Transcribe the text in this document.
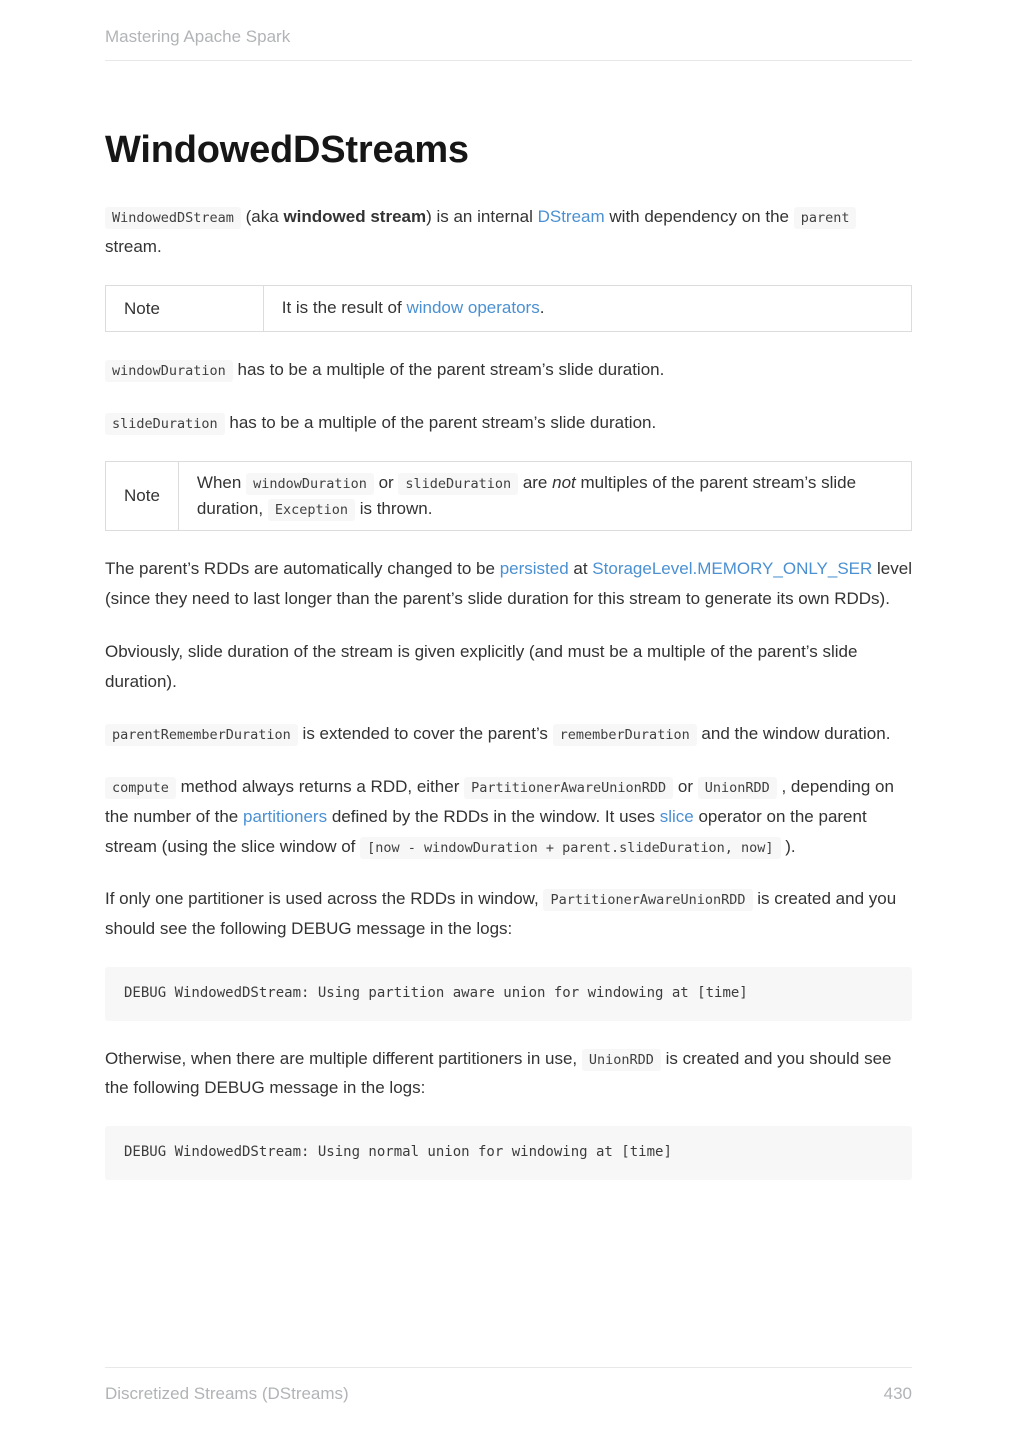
Mastering Apache Spark
WindowedDStreams

WindowedDStream (aka windowed stream) is an internal DStream with dependency on the parent stream.

Note	It is the result of window operators.

windowDuration has to be a multiple of the parent stream’s slide duration.

slideDuration has to be a multiple of the parent stream’s slide duration.

Note	When windowDuration or slideDuration are not multiples of the parent stream’s slide duration, Exception is thrown.

The parent’s RDDs are automatically changed to be persisted at StorageLevel.MEMORY_ONLY_SER level (since they need to last longer than the parent’s slide duration for this stream to generate its own RDDs).

Obviously, slide duration of the stream is given explicitly (and must be a multiple of the parent’s slide duration).

parentRememberDuration is extended to cover the parent’s rememberDuration and the window duration.

compute method always returns a RDD, either PartitionerAwareUnionRDD or UnionRDD , depending on the number of the partitioners defined by the RDDs in the window. It uses slice operator on the parent stream (using the slice window of [now - windowDuration + parent.slideDuration, now] ).

If only one partitioner is used across the RDDs in window, PartitionerAwareUnionRDD is created and you should see the following DEBUG message in the logs:

DEBUG WindowedDStream: Using partition aware union for windowing at [time]

Otherwise, when there are multiple different partitioners in use, UnionRDD is created and you should see the following DEBUG message in the logs:

DEBUG WindowedDStream: Using normal union for windowing at [time]
Discretized Streams (DStreams)	430
